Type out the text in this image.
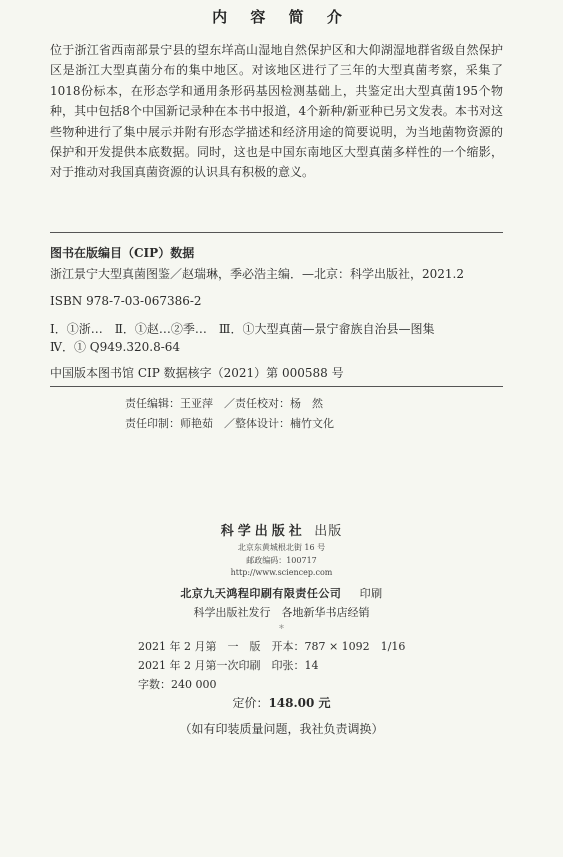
内 容 简 介
位于浙江省西南部景宁县的望东垟高山湿地自然保护区和大仰湖湿地群省级自然保护区是浙江大型真菌分布的集中地区。对该地区进行了三年的大型真菌考察，采集了1018份标本，在形态学和通用条形码基因检测基础上，共鉴定出大型真菌195个物种，其中包括8个中国新记录种在本书中报道，4个新种/新亚种已另文发表。本书对这些物种进行了集中展示并附有形态学描述和经济用途的简要说明，为当地菌物资源的保护和开发提供本底数据。同时，这也是中国东南地区大型真菌多样性的一个缩影，对于推动对我国真菌资源的认识具有积极的意义。
图书在版编目（CIP）数据
浙江景宁大型真菌图鉴／赵瑞琳，季必浩主编．—北京：科学出版社，2021.2
ISBN 978-7-03-067386-2
Ⅰ．①浙…　Ⅱ．①赵…②季…　Ⅲ．①大型真菌—景宁畲族自治县—图集
Ⅳ．① Q949.320.8-64
中国版本图书馆 CIP 数据核字（2021）第 000588 号
责任编辑：王亚萍　／责任校对：杨　然
责任印制：师艳茹　／整体设计：楠竹文化
科学出版社 出版
北京东黄城根北街 16 号
邮政编码：100717
http://www.sciencep.com
北京九天鸿程印刷有限责任公司 印刷
科学出版社发行　各地新华书店经销
＊
2021 年 2 月第　一　版　开本：787 × 1092　1/16
2021 年 2 月第一次印刷　印张：14
字数：240 000
定价：148.00 元
（如有印装质量问题，我社负责调换）
